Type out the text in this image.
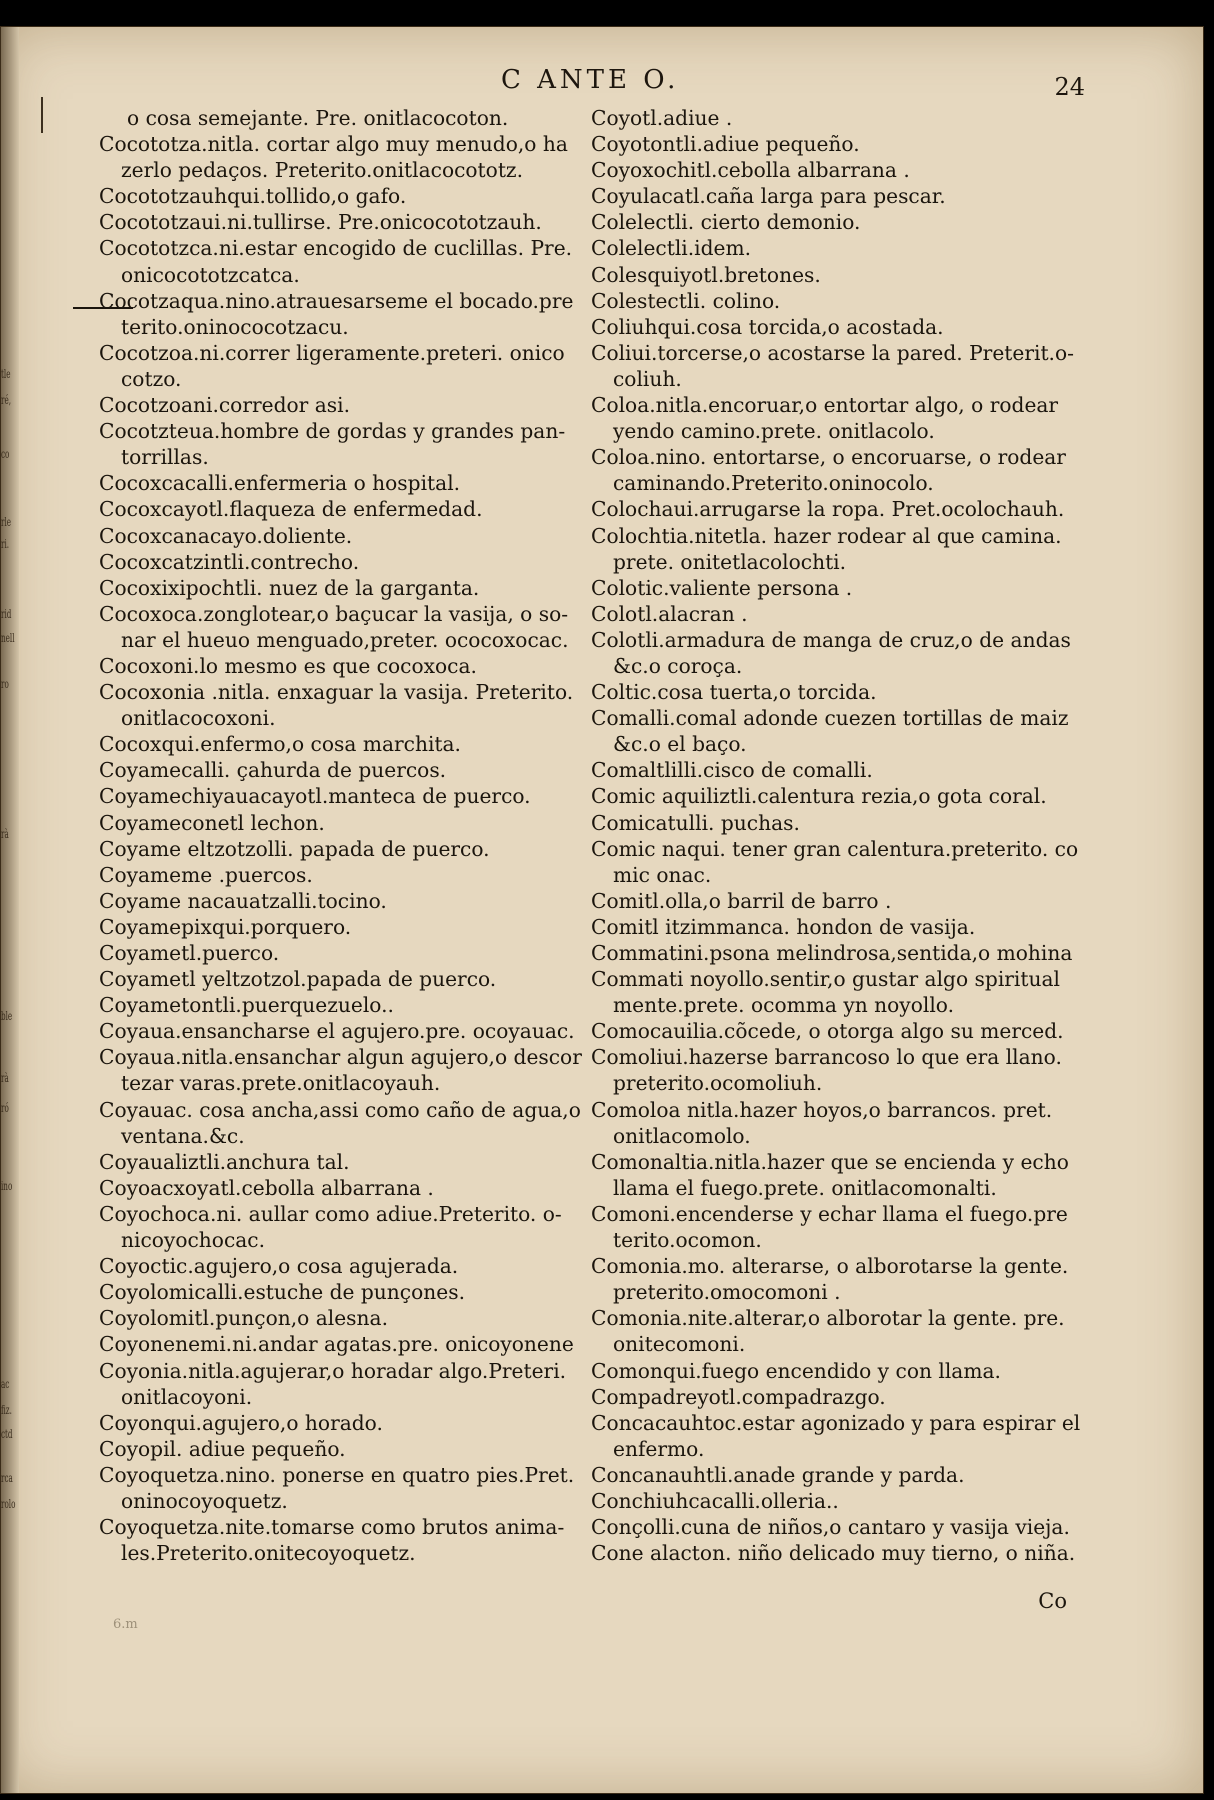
tle
ré,
co
rle
ri.
rid
nell
ro
rà
ble
rà
ró
ino
ac
fiz.
ctd
rca
rolo
C ANTE O.	24
o cosa semejante. Pre. onitlacocoton.
Cocototza.nitla. cortar algo muy menudo,o ha
zerlo pedaços. Preterito.onitlacocototz.
Cocototzauhqui.tollido,o gafo.
Cocototzaui.ni.tullirse. Pre.onicocototzauh.
Cocototzca.ni.estar encogido de cuclillas. Pre.
onicocototzcatca.
Cocotzaqua.nino.atrauesarseme el bocado.pre
terito.oninococotzacu.
Cocotzoa.ni.correr ligeramente.preteri. onico
cotzo.
Cocotzoani.corredor asi.
Cocotzteua.hombre de gordas y grandes pan-
torrillas.
Cocoxcacalli.enfermeria o hospital.
Cocoxcayotl.flaqueza de enfermedad.
Cocoxcanacayo.doliente.
Cocoxcatzintli.contrecho.
Cocoxixipochtli. nuez de la garganta.
Cocoxoca.zonglotear,o baçucar la vasija, o so-
nar el hueuo menguado,preter. ococoxocac.
Cocoxoni.lo mesmo es que cocoxoca.
Cocoxonia .nitla. enxaguar la vasija. Preterito.
onitlacocoxoni.
Cocoxqui.enfermo,o cosa marchita.
Coyamecalli. çahurda de puercos.
Coyamechiyauacayotl.manteca de puerco.
Coyameconetl lechon.
Coyame eltzotzolli. papada de puerco.
Coyameme .puercos.
Coyame nacauatzalli.tocino.
Coyamepixqui.porquero.
Coyametl.puerco.
Coyametl yeltzotzol.papada de puerco.
Coyametontli.puerquezuelo..
Coyaua.ensancharse el agujero.pre. ocoyauac.
Coyaua.nitla.ensanchar algun agujero,o descor
tezar varas.prete.onitlacoyauh.
Coyauac. cosa ancha,assi como caño de agua,o
ventana.&c.
Coyaualiztli.anchura tal.
Coyoacxoyatl.cebolla albarrana .
Coyochoca.ni. aullar como adiue.Preterito. o-
nicoyochocac.
Coyoctic.agujero,o cosa agujerada.
Coyolomicalli.estuche de punçones.
Coyolomitl.punçon,o alesna.
Coyonenemi.ni.andar agatas.pre. onicoyonene
Coyonia.nitla.agujerar,o horadar algo.Preteri.
onitlacoyoni.
Coyonqui.agujero,o horado.
Coyopil. adiue pequeño.
Coyoquetza.nino. ponerse en quatro pies.Pret.
oninocoyoquetz.
Coyoquetza.nite.tomarse como brutos anima-
les.Preterito.onitecoyoquetz.
Coyotl.adiue .
Coyotontli.adiue pequeño.
Coyoxochitl.cebolla albarrana .
Coyulacatl.caña larga para pescar.
Colelectli. cierto demonio.
Colelectli.idem.
Colesquiyotl.bretones.
Colestectli. colino.
Coliuhqui.cosa torcida,o acostada.
Coliui.torcerse,o acostarse la pared. Preterit.o-
coliuh.
Coloa.nitla.encoruar,o entortar algo, o rodear
yendo camino.prete. onitlacolo.
Coloa.nino. entortarse, o encoruarse, o rodear
caminando.Preterito.oninocolo.
Colochaui.arrugarse la ropa. Pret.ocolochauh.
Colochtia.nitetla. hazer rodear al que camina.
prete. onitetlacolochti.
Colotic.valiente persona .
Colotl.alacran .
Colotli.armadura de manga de cruz,o de andas
&c.o coroça.
Coltic.cosa tuerta,o torcida.
Comalli.comal adonde cuezen tortillas de maiz
&c.o el baço.
Comaltlilli.cisco de comalli.
Comic aquiliztli.calentura rezia,o gota coral.
Comicatulli. puchas.
Comic naqui. tener gran calentura.preterito. co
mic onac.
Comitl.olla,o barril de barro .
Comitl itzimmanca. hondon de vasija.
Commatini.psona melindrosa,sentida,o mohina
Commati noyollo.sentir,o gustar algo spiritual
mente.prete. ocomma yn noyollo.
Comocauilia.cõcede, o otorga algo su merced.
Comoliui.hazerse barrancoso lo que era llano.
preterito.ocomoliuh.
Comoloa nitla.hazer hoyos,o barrancos. pret.
onitlacomolo.
Comonaltia.nitla.hazer que se encienda y echo
llama el fuego.prete. onitlacomonalti.
Comoni.encenderse y echar llama el fuego.pre
terito.ocomon.
Comonia.mo. alterarse, o alborotarse la gente.
preterito.omocomoni .
Comonia.nite.alterar,o alborotar la gente. pre.
onitecomoni.
Comonqui.fuego encendido y con llama.
Compadreyotl.compadrazgo.
Concacauhtoc.estar agonizado y para espirar el
enfermo.
Concanauhtli.anade grande y parda.
Conchiuhcacalli.olleria..
Conçolli.cuna de niños,o cantaro y vasija vieja.
Cone alacton. niño delicado muy tierno, o niña.
Co
6.m
